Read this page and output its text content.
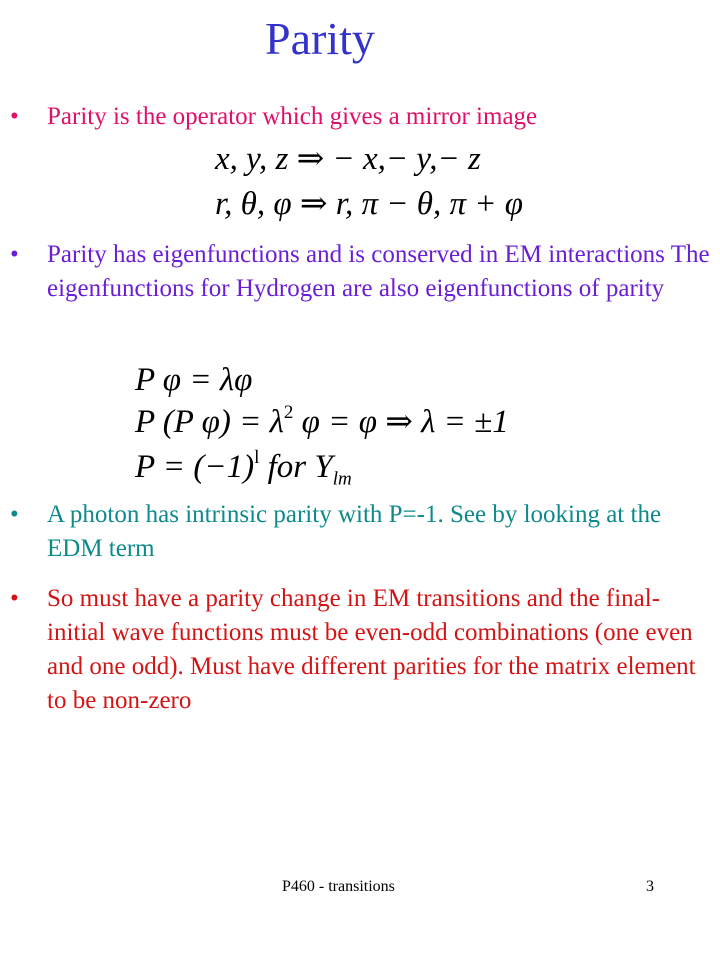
Parity
•	Parity is the operator which gives a mirror image
x, y, z ⇒ − x,− y,− z
r, θ, φ ⇒ r, π − θ, π + φ
•	Parity has eigenfunctions and is conserved in EM interactions The eigenfunctions for Hydrogen are also eigenfunctions of parity
P φ = λφ
P (P $\varphi) = \lambda^2$ φ = φ ⇒ λ = ±1
$P = (-1)^l$ for $Y_{lm}$
•	A photon has intrinsic parity with P=-1. See by looking at the EDM term
•	So must have a parity change in EM transitions and the final-initial wave functions must be even-odd combinations (one even and one odd). Must have different parities for the matrix element to be non-zero
P460 - transitions	3
